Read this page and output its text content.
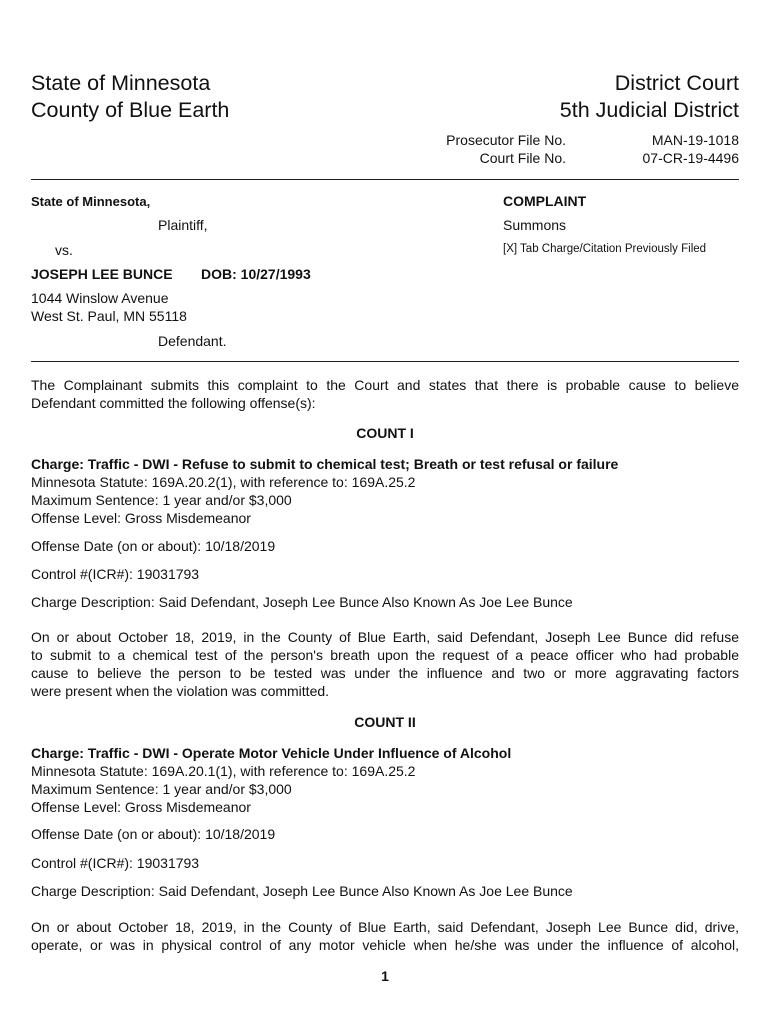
State of Minnesota
County of Blue Earth
District Court
5th Judicial District
Prosecutor File No.	MAN-19-1018
Court File No.	07-CR-19-4496
State of Minnesota,
Plaintiff,
vs.
JOSEPH LEE BUNCE DOB: 10/27/1993
1044 Winslow Avenue
West St. Paul, MN 55118
Defendant.
COMPLAINT
Summons
[X] Tab Charge/Citation Previously Filed
The Complainant submits this complaint to the Court and states that there is probable cause to believe
Defendant committed the following offense(s):
COUNT I
Charge: Traffic - DWI - Refuse to submit to chemical test; Breath or test refusal or failure
Minnesota Statute: 169A.20.2(1), with reference to: 169A.25.2
Maximum Sentence: 1 year and/or $3,000
Offense Level: Gross Misdemeanor
Offense Date (on or about): 10/18/2019
Control #(ICR#): 19031793
Charge Description: Said Defendant, Joseph Lee Bunce Also Known As Joe Lee Bunce
On or about October 18, 2019, in the County of Blue Earth, said Defendant, Joseph Lee Bunce did refuse
to submit to a chemical test of the person's breath upon the request of a peace officer who had probable
cause to believe the person to be tested was under the influence and two or more aggravating factors
were present when the violation was committed.
COUNT II
Charge: Traffic - DWI - Operate Motor Vehicle Under Influence of Alcohol
Minnesota Statute: 169A.20.1(1), with reference to: 169A.25.2
Maximum Sentence: 1 year and/or $3,000
Offense Level: Gross Misdemeanor
Offense Date (on or about): 10/18/2019
Control #(ICR#): 19031793
Charge Description: Said Defendant, Joseph Lee Bunce Also Known As Joe Lee Bunce
On or about October 18, 2019, in the County of Blue Earth, said Defendant, Joseph Lee Bunce did, drive,
operate, or was in physical control of any motor vehicle when he/she was under the influence of alcohol,
1
